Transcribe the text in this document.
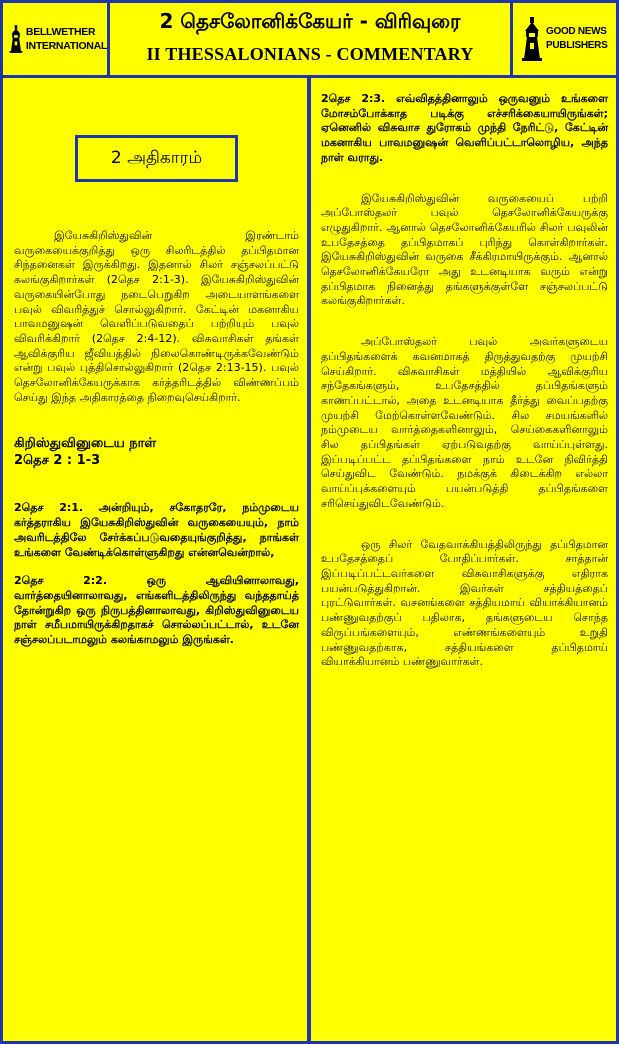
BELLWETHER
INTERNATIONAL
2 தெசலோனிக்கேயர் - விரிவுரை
II THESSALONIANS - COMMENTARY
GOOD NEWS
PUBLISHERS
2 அதிகாரம்

இயேசுகிறிஸ்துவின் இரண்டாம் வருகையைக்குறித்து ஒரு சிலரிடத்தில் தப்பிதமான சிந்தனைகள் இருக்கிறது. இதனால் சிலர் சஞ்சலப்பட்டு கலங்குகிறார்கள் (2தெச 2:1-3). இயேசுகிறிஸ்துவின் வருகையின்போது நடைபெறுகிற அடையாளங்களை பவுல் விவரித்துச் சொல்லுகிறார். கேட்டின் மகனாகிய பாவமனுஷன் வெளிப்படுவதைப் பற்றியும் பவுல் விவரிக்கிறார் (2தெச 2:4-12). விசுவாசிகள் தங்கள் ஆவிக்குரிய ஜீவியத்தில் நிலைகொண்டிருக்கவேண்டும் என்று பவுல் புத்திசொல்லுகிறார் (2தெச 2:13-15). பவுல் தெசலோனிக்கேயருக்காக கர்த்தரிடத்தில் விண்ணப்பம் செய்து இந்த அதிகாரத்தை நிறைவுசெய்கிறார்.

கிறிஸ்துவினுடைய நாள்

2தெச 2 : 1-3

2தெச 2:1. அன்றியும், சகோதரரே, நம்முடைய கர்த்தராகிய இயேசுகிறிஸ்துவின் வருகையையும், நாம் அவரிடத்திலே சேர்க்கப்படுவதையுங்குறித்து, நாங்கள் உங்களை வேண்டிக்கொள்ளுகிறது என்னவென்றால்,

2தெச 2:2. ஒரு ஆவியினாலாவது, வார்த்தையினாலாவது, எங்களிடத்திலிருந்து வந்ததாய்த் தோன்றுகிற ஒரு நிருபத்தினாலாவது, கிறிஸ்துவினுடைய நாள் சமீபமாயிருக்கிறதாகச் சொல்லப்பட்டால், உடனே சஞ்சலப்படாமலும் கலங்காமலும் இருங்கள்.

2தெச 2:3. எவ்விதத்தினாலும் ஒருவனும் உங்களை மோசம்போக்காத படிக்கு எச்சரிக்கையாயிருங்கள்; ஏனெனில் விசுவாச துரோகம் முந்தி நேரிட்டு, கேட்டின் மகனாகிய பாவமனுஷன் வெளிப்பட்டாலொழிய, அந்த நாள் வராது.

இயேசுகிறிஸ்துவின் வருகையைப் பற்றி அப்போஸ்தலர் பவுல் தெசலோனிக்கேயருக்கு எழுதுகிறார். ஆனால் தெசலோனிக்கேயரில் சிலர் பவுலின் உபதேசத்தை தப்பிதமாகப் புரிந்து கொள்கிறார்கள். இயேசுகிறிஸ்துவின் வருகை சீக்கிரமாயிருக்கும். ஆனால் தெசலோனிக்கேயரோ அது உடனடியாக வரும் என்று தப்பிதமாக நினைத்து தங்களுக்குள்ளே சஞ்சலப்பட்டு கலங்குகிறார்கள்.

அப்போஸ்தலர் பவுல் அவர்களுடைய தப்பிதங்களைக் கவனமாகத் திருத்துவதற்கு முயற்சி செய்கிறார். விசுவாசிகள் மத்தியில் ஆவிக்குரிய சந்தேகங்களும், உபதேசத்தில் தப்பிதங்களும் காணப்பட்டால், அதை உடனடியாக தீர்த்து வைப்பதற்கு முயற்சி மேற்கொள்ளவேண்டும். சில சமயங்களில் நம்முடைய வார்த்தைகளினாலும், செய்கைகளினாலும் சில தப்பிதங்கள் ஏற்படுவதற்கு வாய்ப்புள்ளது. இப்படிப்பட்ட தப்பிதங்களை நாம் உடனே நிவிர்த்தி செய்துவிட வேண்டும். நமக்குக் கிடைக்கிற எல்லா வாய்ப்புக்களையும் பயன்படுத்தி தப்பிதங்களை சரிசெய்துவிடவேண்டும்.

ஒரு சிலர் வேதவாக்கியத்திலிருந்து தப்பிதமான உபதேசத்தைப் போதிப்பார்கள். சாத்தான் இப்படிப்பட்டவர்களை விசுவாசிகளுக்கு எதிராக பயன்படுத்துகிறான். இவர்கள் சத்தியத்தைப் புரட்டுவார்கள். வசனங்களை சத்தியமாய் வியாக்கியானம் பண்ணுவதற்குப் பதிலாக, தங்களுடைய சொந்த விருப்பங்களையும், எண்ணங்களையும் உறுதி பண்ணுவதற்காக, சத்தியங்களை தப்பிதமாய் வியாக்கியானம் பண்ணுவார்கள்.
